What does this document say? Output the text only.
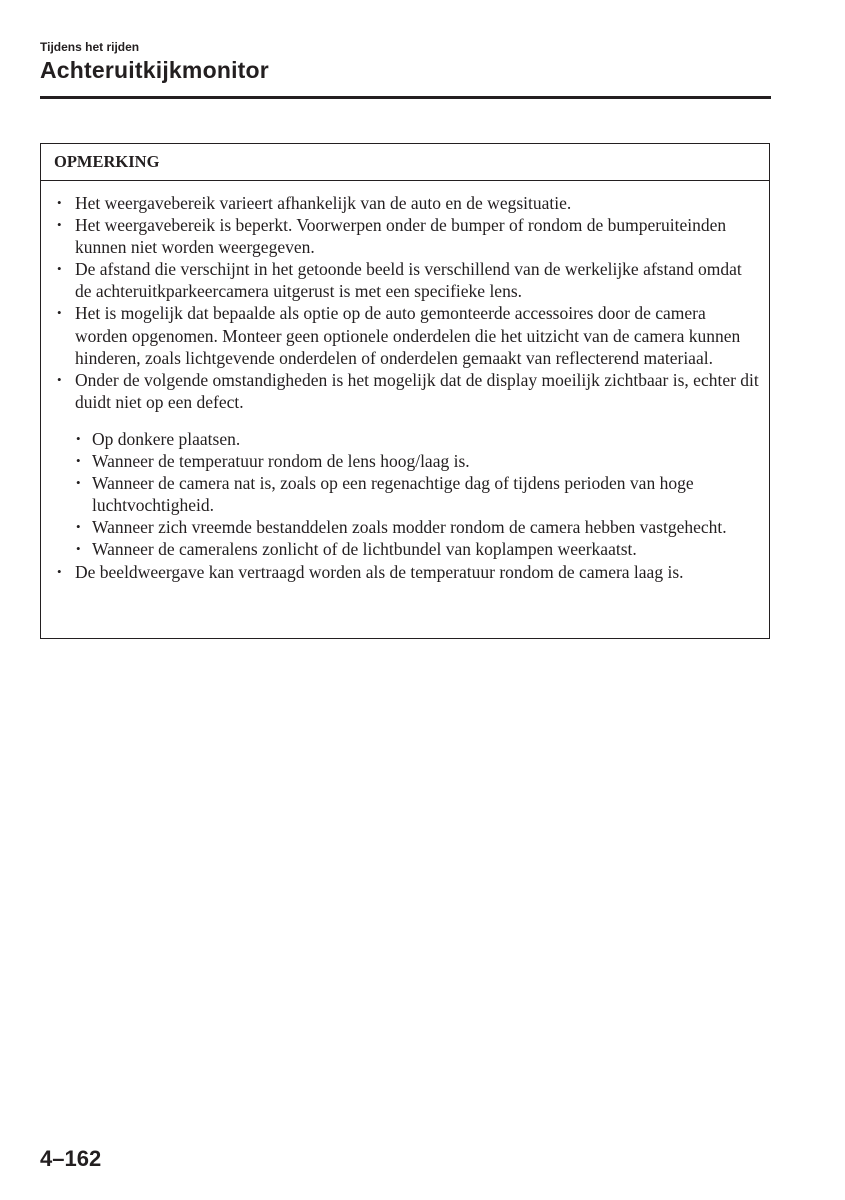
Tijdens het rijden
Achteruitkijkmonitor
OPMERKING
• Het weergavebereik varieert afhankelijk van de auto en de wegsituatie.
• Het weergavebereik is beperkt. Voorwerpen onder de bumper of rondom de bumperuiteinden kunnen niet worden weergegeven.
• De afstand die verschijnt in het getoonde beeld is verschillend van de werkelijke afstand omdat de achteruitkparkeercamera uitgerust is met een specifieke lens.
• Het is mogelijk dat bepaalde als optie op de auto gemonteerde accessoires door de camera worden opgenomen. Monteer geen optionele onderdelen die het uitzicht van de camera kunnen hinderen, zoals lichtgevende onderdelen of onderdelen gemaakt van reflecterend materiaal.
• Onder de volgende omstandigheden is het mogelijk dat de display moeilijk zichtbaar is, echter dit duidt niet op een defect.
• Op donkere plaatsen.
• Wanneer de temperatuur rondom de lens hoog/laag is.
• Wanneer de camera nat is, zoals op een regenachtige dag of tijdens perioden van hoge luchtvochtigheid.
• Wanneer zich vreemde bestanddelen zoals modder rondom de camera hebben vastgehecht.
• Wanneer de cameralens zonlicht of de lichtbundel van koplampen weerkaatst.
• De beeldweergave kan vertraagd worden als de temperatuur rondom de camera laag is.
4–162
